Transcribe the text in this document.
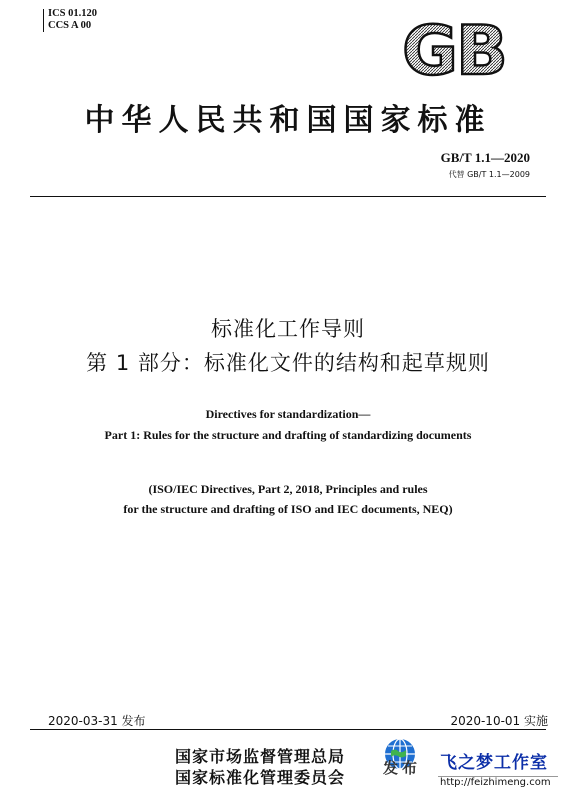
ICS 01.120
CCS A 00	GB
中华人民共和国国家标准
GB/T 1.1—2020
代替 GB/T 1.1—2009
标准化工作导则
第 1 部分：标准化文件的结构和起草规则
Directives for standardization—
Part 1: Rules for the structure and drafting of standardizing documents
(ISO/IEC Directives, Part 2, 2018, Principles and rules
for the structure and drafting of ISO and IEC documents, NEQ)
2020-03-31 发布	2020-10-01 实施
国家市场监督管理总局
国家标准化管理委员会	发布 飞之梦工作室
http://feizhimeng.com
